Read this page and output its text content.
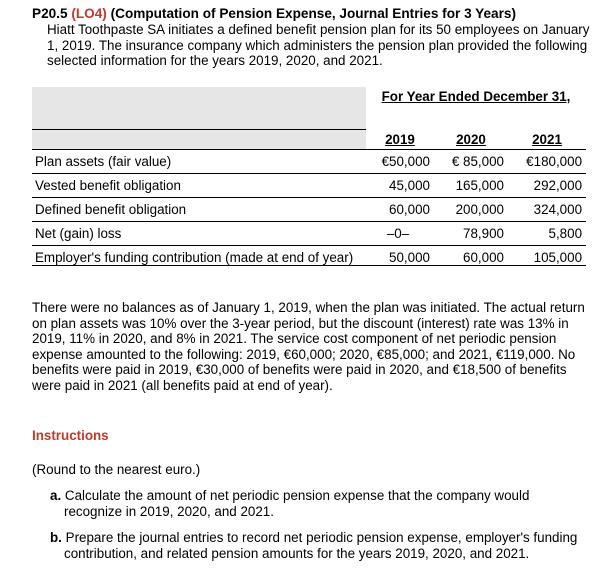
P20.5 (LO4) (Computation of Pension Expense, Journal Entries for 3 Years)
Hiatt Toothpaste SA initiates a defined benefit pension plan for its 50 employees on January 1, 2019. The insurance company which administers the pension plan provided the following selected information for the years 2019, 2020, and 2021.
	For Year Ended December 31,		
	2019	2020	2021
Plan assets (fair value)	€50,000	€ 85,000	€180,000
Vested benefit obligation	45,000	165,000	292,000
Defined benefit obligation	60,000	200,000	324,000
Net (gain) loss	–0–	78,900	5,800
Employer's funding contribution (made at end of year)	50,000	60,000	105,000
There were no balances as of January 1, 2019, when the plan was initiated. The actual return on plan assets was 10% over the 3-year period, but the discount (interest) rate was 13% in 2019, 11% in 2020, and 8% in 2021. The service cost component of net periodic pension expense amounted to the following: 2019, €60,000; 2020, €85,000; and 2021, €119,000. No benefits were paid in 2019, €30,000 of benefits were paid in 2020, and €18,500 of benefits were paid in 2021 (all benefits paid at end of year).
Instructions
(Round to the nearest euro.)
a. Calculate the amount of net periodic pension expense that the company would recognize in 2019, 2020, and 2021.
b. Prepare the journal entries to record net periodic pension expense, employer's funding contribution, and related pension amounts for the years 2019, 2020, and 2021.
